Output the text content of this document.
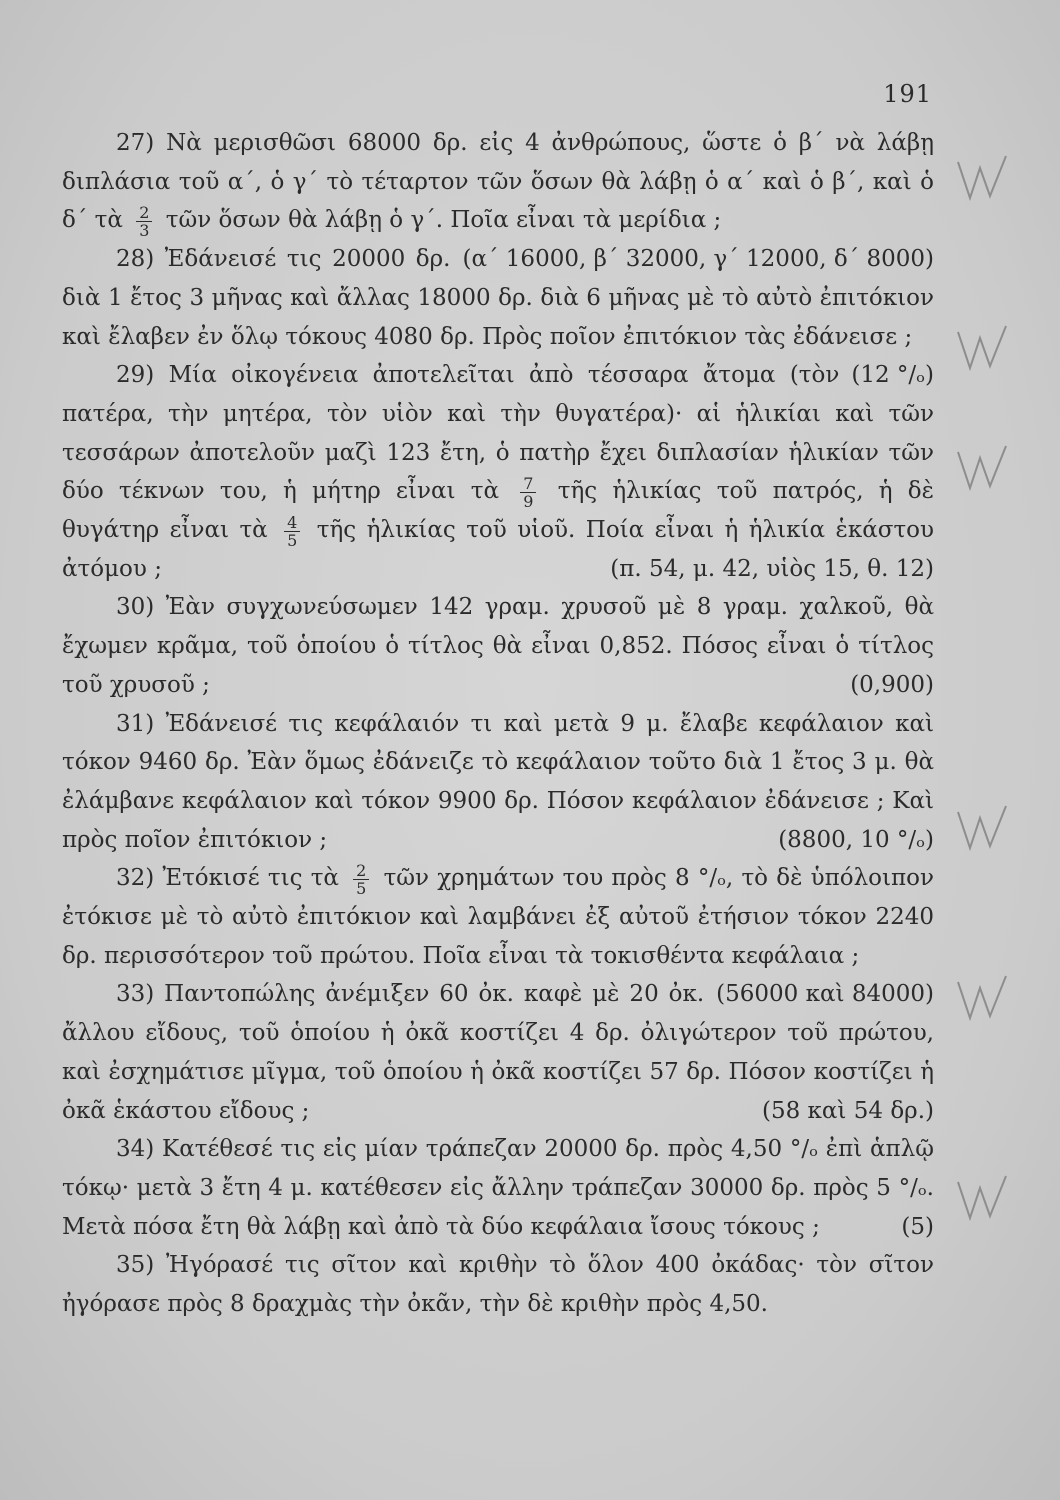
191

27) Νὰ μερισθῶσι 68000 δρ. εἰς 4 ἀνθρώπους, ὥστε ὁ β΄ νὰ λάβῃ διπλάσια τοῦ α΄, ὁ γ΄ τὸ τέταρτον τῶν ὅσων θὰ λάβῃ ὁ α΄ καὶ ὁ β΄, καὶ ὁ δ΄ τὰ $\frac{2}{3}$ τῶν ὅσων θὰ λάβῃ ὁ γ΄. Ποῖα εἶναι τὰ μερίδια ;
(α΄ 16000, β΄ 32000, γ΄ 12000, δ΄ 8000)

28) Ἐδάνεισέ τις 20000 δρ. διὰ 1 ἔτος 3 μῆνας καὶ ἄλλας 18000 δρ. διὰ 6 μῆνας μὲ τὸ αὐτὸ ἐπιτόκιον καὶ ἔλαβεν ἐν ὅλῳ τόκους 4080 δρ. Πρὸς ποῖον ἐπιτόκιον τὰς ἐδάνεισε ;
(12 °/ₒ)

29) Μία οἰκογένεια ἀποτελεῖται ἀπὸ τέσσαρα ἄτομα (τὸν πατέρα, τὴν μητέρα, τὸν υἱὸν καὶ τὴν θυγατέρα)· αἱ ἡλικίαι καὶ τῶν τεσσάρων ἀποτελοῦν μαζὶ 123 ἔτη, ὁ πατὴρ ἔχει διπλασίαν ἡλικίαν τῶν δύο τέκνων του, ἡ μήτηρ εἶναι τὰ $\frac{7}{9}$ τῆς ἡλικίας τοῦ πατρός, ἡ δὲ θυγάτηρ εἶναι τὰ $\frac{4}{5}$ τῆς ἡλικίας τοῦ υἱοῦ. Ποία εἶναι ἡ ἡλικία ἑκάστου ἀτόμου ;	(π. 54, μ. 42, υἱὸς 15, θ. 12)

30) Ἐὰν συγχωνεύσωμεν 142 γραμ. χρυσοῦ μὲ 8 γραμ. χαλκοῦ, θὰ ἔχωμεν κρᾶμα, τοῦ ὁποίου ὁ τίτλος θὰ εἶναι 0,852. Πόσος εἶναι ὁ τίτλος τοῦ χρυσοῦ ;	(0,900)

31) Ἐδάνεισέ τις κεφάλαιόν τι καὶ μετὰ 9 μ. ἔλαβε κεφάλαιον καὶ τόκον 9460 δρ. Ἐὰν ὅμως ἐδάνειζε τὸ κεφάλαιον τοῦτο διὰ 1 ἔτος 3 μ. θὰ ἐλάμβανε κεφάλαιον καὶ τόκον 9900 δρ. Πόσον κεφάλαιον ἐδάνεισε ; Καὶ πρὸς ποῖον ἐπιτόκιον ;	(8800, 10 °/ₒ)

32) Ἐτόκισέ τις τὰ $\frac{2}{5}$ τῶν χρημάτων του πρὸς 8 °/ₒ, τὸ δὲ ὑπόλοιπον ἐτόκισε μὲ τὸ αὐτὸ ἐπιτόκιον καὶ λαμβάνει ἐξ αὐτοῦ ἐτήσιον τόκον 2240 δρ. περισσότερον τοῦ πρώτου. Ποῖα εἶναι τὰ τοκισθέντα κεφάλαια ;
(56000 καὶ 84000)

33) Παντοπώλης ἀνέμιξεν 60 ὀκ. καφὲ μὲ 20 ὀκ. ἄλλου εἴδους, τοῦ ὁποίου ἡ ὀκᾶ κοστίζει 4 δρ. ὀλιγώτερον τοῦ πρώτου, καὶ ἐσχημάτισε μῖγμα, τοῦ ὁποίου ἡ ὀκᾶ κοστίζει 57 δρ. Πόσον κοστίζει ἡ ὀκᾶ ἑκάστου εἴδους ;	(58 καὶ 54 δρ.)

34) Κατέθεσέ τις εἰς μίαν τράπεζαν 20000 δρ. πρὸς 4,50 °/ₒ ἐπὶ ἁπλῷ τόκῳ· μετὰ 3 ἔτη 4 μ. κατέθεσεν εἰς ἄλλην τράπεζαν 30000 δρ. πρὸς 5 °/ₒ. Μετὰ πόσα ἔτη θὰ λάβῃ καὶ ἀπὸ τὰ δύο κεφάλαια ἴσους τόκους ;	(5)

35) Ἠγόρασέ τις σῖτον καὶ κριθὴν τὸ ὅλον 400 ὀκάδας· τὸν σῖτον ἠγόρασε πρὸς 8 δραχμὰς τὴν ὀκᾶν, τὴν δὲ κριθὴν πρὸς 4,50.
